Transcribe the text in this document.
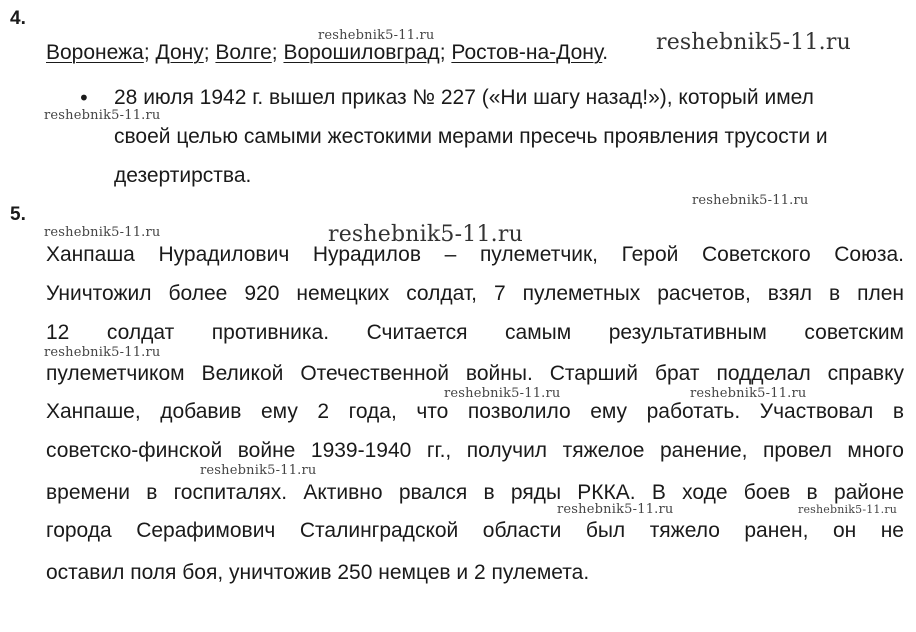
4.
Воронежа; Дону; Волге; Ворошиловград; Ростов-на-Дону.
• 28 июля 1942 г. вышел приказ № 227 («Ни шагу назад!»), который имел
своей целью самыми жестокими мерами пресечь проявления трусости и
дезертирства.
5.
Ханпаша Нурадилович Нурадилов – пулеметчик, Герой Советского Союза.
Уничтожил более 920 немецких солдат, 7 пулеметных расчетов, взял в плен
12 солдат противника. Считается самым результативным советским
пулеметчиком Великой Отечественной войны. Старший брат подделал справку
Ханпаше, добавив ему 2 года, что позволило ему работать. Участвовал в
советско-финской войне 1939-1940 гг., получил тяжелое ранение, провел много
времени в госпиталях. Активно рвался в ряды РККА. В ходе боев в районе
города Серафимович Сталинградской области был тяжело ранен, он не
оставил поля боя, уничтожив 250 немцев и 2 пулемета.
reshebnik5-11.ru	reshebnik5-11.ru
reshebnik5-11.ru
reshebnik5-11.ru
reshebnik5-11.ru	reshebnik5-11.ru
reshebnik5-11.ru
reshebnik5-11.ru	reshebnik5-11.ru
reshebnik5-11.ru
reshebnik5-11.ru	reshebnik5-11.ru
